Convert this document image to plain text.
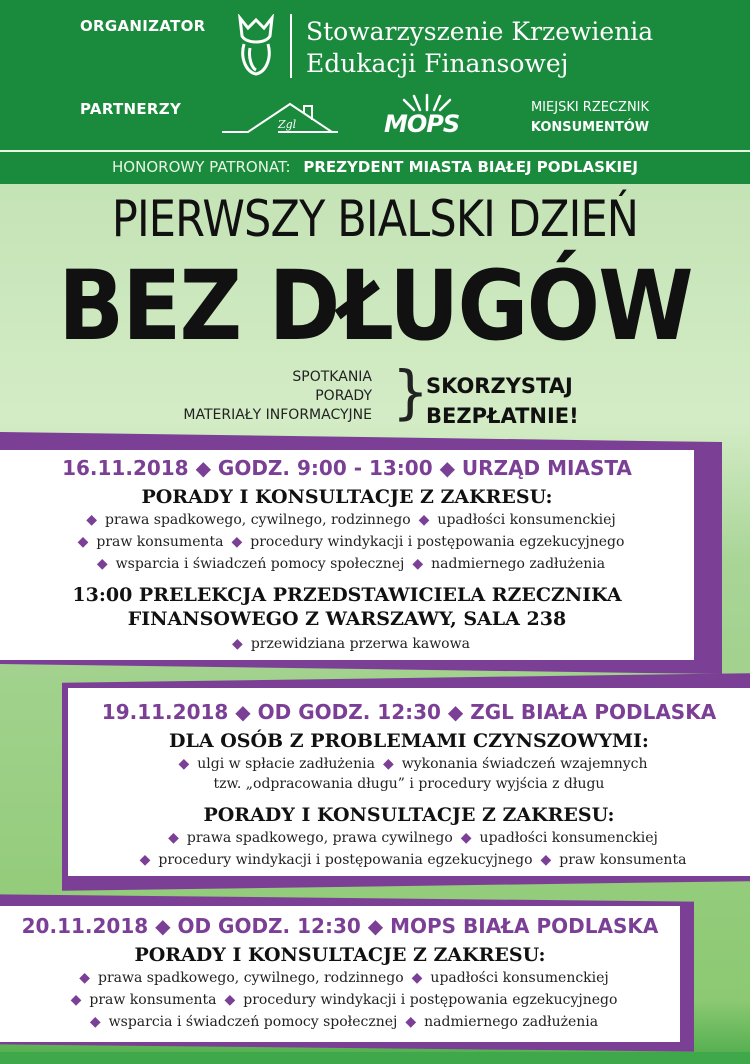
ORGANIZATOR	Stowarzyszenie Krzewienia
Edukacji Finansowej
PARTNERZY
Zgl	MOPS
MIEJSKI RZECZNIK
KONSUMENTÓW
HONOROWY PATRONAT: PREZYDENT MIASTA BIAŁEJ PODLASKIEJ
PIERWSZY BIALSKI DZIEŃ
BEZ DŁUGÓW
SPOTKANIA
PORADY
MATERIAŁY INFORMACYJNE }
SKORZYSTAJ
BEZPŁATNIE!
16.11.2018 ◆ GODZ. 9:00 - 13:00 ◆ URZĄD MIASTA
PORADY I KONSULTACJE Z ZAKRESU:
◆ prawa spadkowego, cywilnego, rodzinnego ◆ upadłości konsumenckiej
◆ praw konsumenta ◆ procedury windykacji i postępowania egzekucyjnego
◆ wsparcia i świadczeń pomocy społecznej ◆ nadmiernego zadłużenia
13:00 PRELEKCJA PRZEDSTAWICIELA RZECZNIKA
FINANSOWEGO Z WARSZAWY, SALA 238
◆ przewidziana przerwa kawowa
19.11.2018 ◆ OD GODZ. 12:30 ◆ ZGL BIAŁA PODLASKA
DLA OSÓB Z PROBLEMAMI CZYNSZOWYMI:
◆ ulgi w spłacie zadłużenia ◆ wykonania świadczeń wzajemnych
tzw. „odpracowania długu” i procedury wyjścia z długu
PORADY I KONSULTACJE Z ZAKRESU:
◆ prawa spadkowego, prawa cywilnego ◆ upadłości konsumenckiej
◆ procedury windykacji i postępowania egzekucyjnego ◆ praw konsumenta
20.11.2018 ◆ OD GODZ. 12:30 ◆ MOPS BIAŁA PODLASKA
PORADY I KONSULTACJE Z ZAKRESU:
◆ prawa spadkowego, cywilnego, rodzinnego ◆ upadłości konsumenckiej
◆ praw konsumenta ◆ procedury windykacji i postępowania egzekucyjnego
◆ wsparcia i świadczeń pomocy społecznej ◆ nadmiernego zadłużenia
